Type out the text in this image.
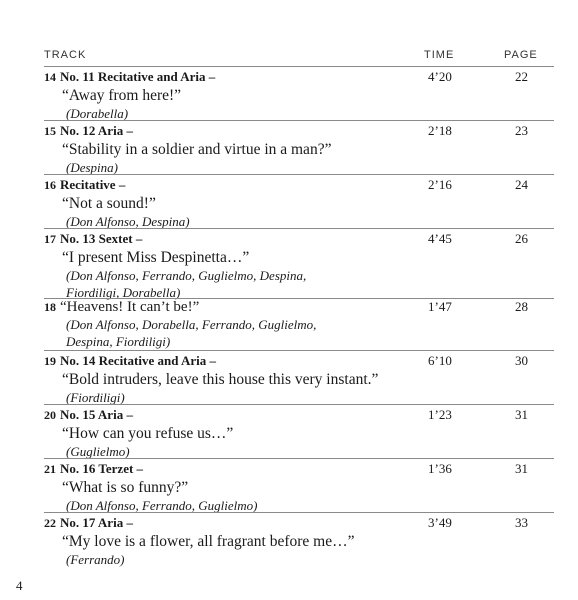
TRACK	TIME	PAGE
14 No. 11 Recitative and Aria –
“Away from here!”
(Dorabella)
4’20	22
15 No. 12 Aria –
“Stability in a soldier and virtue in a man?”
(Despina)
2’18	23
16 Recitative –
“Not a sound!”
(Don Alfonso, Despina)
2’16	24
17 No. 13 Sextet –
“I present Miss Despinetta…”
(Don Alfonso, Ferrando, Guglielmo, Despina,
Fiordiligi, Dorabella)
4’45	26
18 “Heavens! It can’t be!”
(Don Alfonso, Dorabella, Ferrando, Guglielmo,
Despina, Fiordiligi)
1’47	28
19 No. 14 Recitative and Aria –
“Bold intruders, leave this house this very instant.”
(Fiordiligi)
6’10	30
20 No. 15 Aria –
“How can you refuse us…”
(Guglielmo)
1’23	31
21 No. 16 Terzet –
“What is so funny?”
(Don Alfonso, Ferrando, Guglielmo)
1’36	31
22 No. 17 Aria –
“My love is a flower, all fragrant before me…”
(Ferrando)
3’49	33
4
